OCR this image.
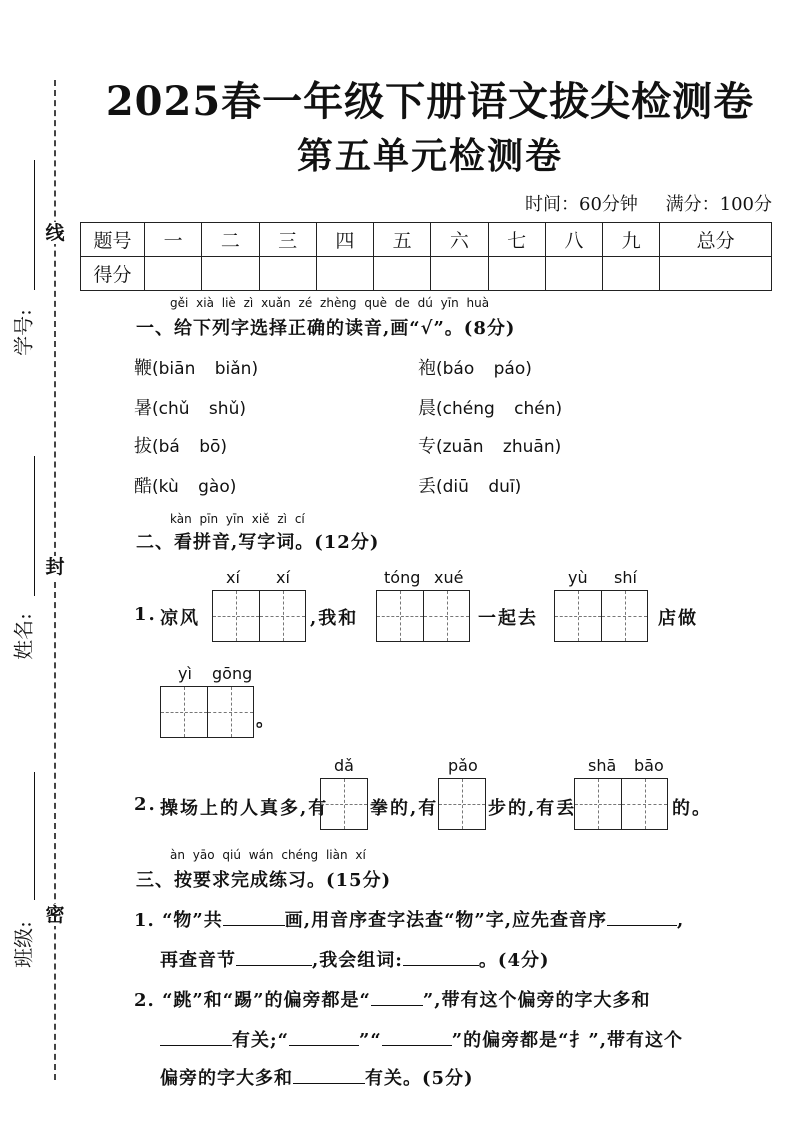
线
封
密
学号:
姓名:
班级:
2025春一年级下册语文拔尖检测卷
第五单元检测卷
时间：60分钟 满分：100分
题号	一	二	三	四	五	六	七	八	九	总分
得分										
gěi xià liè zì xuǎn zé zhèng què de dú yīn huà
一、给下列字选择正确的读音,画“√”。(8分)
鞭(biān biǎn)	袍(báo páo)
暑(chǔ shǔ)	晨(chéng chén)
拔(bá bō)	专(zuān zhuān)
酷(kù gào)	丢(diū duī)
kàn pīn yīn xiě zì cí
二、看拼音,写字词。(12分)
1. 凉风
xí xí
,我和
tóng xué
一起去
yù shí
店做
yì gōng
。
2. 操场上的人真多,有
dǎ
拳的,有
pǎo
步的,有丢
shā bāo
的。
àn yāo qiú wán chéng liàn xí
三、按要求完成练习。(15分)
1. “物”共	画,用音序查字法查“物”字,应先查音序	,
再查音节	,我会组词:	。(4分)
2. “跳”和“踢”的偏旁都是“	”,带有这个偏旁的字大多和
有关;“	”“	”的偏旁都是“扌”,带有这个
偏旁的字大多和	有关。(5分)
